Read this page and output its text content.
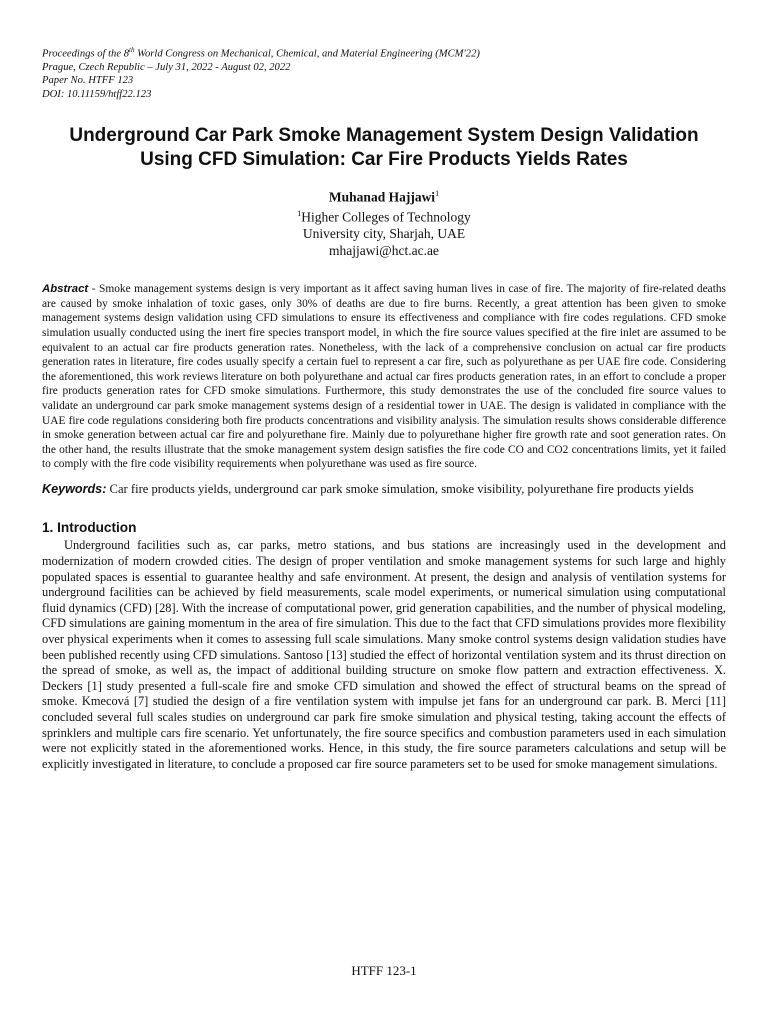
Proceedings of the 8th World Congress on Mechanical, Chemical, and Material Engineering (MCM'22)
Prague, Czech Republic – July 31, 2022 - August 02, 2022
Paper No. HTFF 123
DOI: 10.11159/htff22.123
Underground Car Park Smoke Management System Design Validation Using CFD Simulation: Car Fire Products Yields Rates
Muhanad Hajjawi$^1$
$^1$Higher Colleges of Technology
University city, Sharjah, UAE
mhajjawi@hct.ac.ae
Abstract - Smoke management systems design is very important as it affect saving human lives in case of fire. The majority of fire-related deaths are caused by smoke inhalation of toxic gases, only 30% of deaths are due to fire burns. Recently, a great attention has been given to smoke management systems design validation using CFD simulations to ensure its effectiveness and compliance with fire codes regulations. CFD smoke simulation usually conducted using the inert fire species transport model, in which the fire source values specified at the fire inlet are assumed to be equivalent to an actual car fire products generation rates. Nonetheless, with the lack of a comprehensive conclusion on actual car fire products generation rates in literature, fire codes usually specify a certain fuel to represent a car fire, such as polyurethane as per UAE fire code. Considering the aforementioned, this work reviews literature on both polyurethane and actual car fires products generation rates, in an effort to conclude a proper fire products generation rates for CFD smoke simulations. Furthermore, this study demonstrates the use of the concluded fire source values to validate an underground car park smoke management systems design of a residential tower in UAE. The design is validated in compliance with the UAE fire code regulations considering both fire products concentrations and visibility analysis. The simulation results shows considerable difference in smoke generation between actual car fire and polyurethane fire. Mainly due to polyurethane higher fire growth rate and soot generation rates. On the other hand, the results illustrate that the smoke management system design satisfies the fire code CO and CO2 concentrations limits, yet it failed to comply with the fire code visibility requirements when polyurethane was used as fire source.
Keywords: Car fire products yields, underground car park smoke simulation, smoke visibility, polyurethane fire products yields
1. Introduction

Underground facilities such as, car parks, metro stations, and bus stations are increasingly used in the development and modernization of modern crowded cities. The design of proper ventilation and smoke management systems for such large and highly populated spaces is essential to guarantee healthy and safe environment. At present, the design and analysis of ventilation systems for underground facilities can be achieved by field measurements, scale model experiments, or numerical simulation using computational fluid dynamics (CFD) [28]. With the increase of computational power, grid generation capabilities, and the number of physical modeling, CFD simulations are gaining momentum in the area of fire simulation. This due to the fact that CFD simulations provides more flexibility over physical experiments when it comes to assessing full scale simulations. Many smoke control systems design validation studies have been published recently using CFD simulations. Santoso [13] studied the effect of horizontal ventilation system and its thrust direction on the spread of smoke, as well as, the impact of additional building structure on smoke flow pattern and extraction effectiveness. X. Deckers [1] study presented a full-scale fire and smoke CFD simulation and showed the effect of structural beams on the spread of smoke. Kmecová [7] studied the design of a fire ventilation system with impulse jet fans for an underground car park. B. Merci [11] concluded several full scales studies on underground car park fire smoke simulation and physical testing, taking account the effects of sprinklers and multiple cars fire scenario. Yet unfortunately, the fire source specifics and combustion parameters used in each simulation were not explicitly stated in the aforementioned works. Hence, in this study, the fire source parameters calculations and setup will be explicitly investigated in literature, to conclude a proposed car fire source parameters set to be used for smoke management simulations.

HTFF 123-1
